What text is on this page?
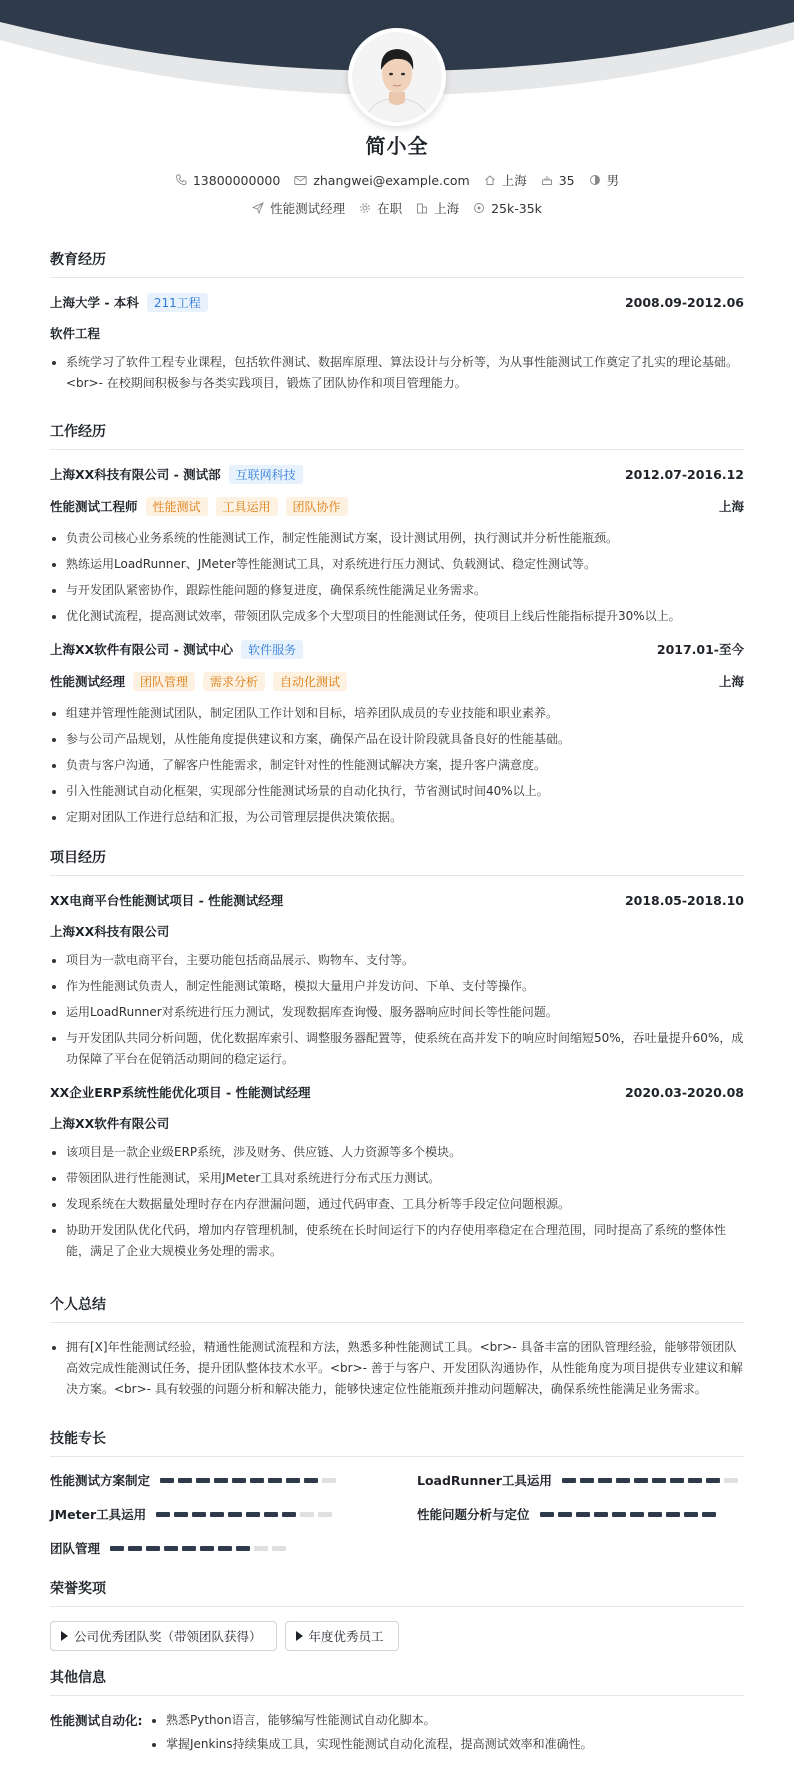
简小全
13800000000	zhangwei@example.com	上海	35	男
性能测试经理	在职	上海	25k-35k
教育经历
上海大学 - 本科	211工程	2008.09-2012.06
软件工程
系统学习了软件工程专业课程，包括软件测试、数据库原理、算法设计与分析等，为从事性能测试工作奠定了扎实的理论基础。<br>- 在校期间积极参与各类实践项目，锻炼了团队协作和项目管理能力。
工作经历
上海XX科技有限公司 - 测试部	互联网科技	2012.07-2016.12
性能测试工程师	性能测试	工具运用	团队协作	上海
负责公司核心业务系统的性能测试工作，制定性能测试方案，设计测试用例，执行测试并分析性能瓶颈。
熟练运用LoadRunner、JMeter等性能测试工具，对系统进行压力测试、负载测试、稳定性测试等。
与开发团队紧密协作，跟踪性能问题的修复进度，确保系统性能满足业务需求。
优化测试流程，提高测试效率，带领团队完成多个大型项目的性能测试任务，使项目上线后性能指标提升30%以上。
上海XX软件有限公司 - 测试中心	软件服务	2017.01-至今
性能测试经理	团队管理	需求分析	自动化测试	上海
组建并管理性能测试团队，制定团队工作计划和目标，培养团队成员的专业技能和职业素养。
参与公司产品规划，从性能角度提供建议和方案，确保产品在设计阶段就具备良好的性能基础。
负责与客户沟通，了解客户性能需求，制定针对性的性能测试解决方案，提升客户满意度。
引入性能测试自动化框架，实现部分性能测试场景的自动化执行，节省测试时间40%以上。
定期对团队工作进行总结和汇报，为公司管理层提供决策依据。
项目经历
XX电商平台性能测试项目 - 性能测试经理	2018.05-2018.10
上海XX科技有限公司
项目为一款电商平台，主要功能包括商品展示、购物车、支付等。
作为性能测试负责人，制定性能测试策略，模拟大量用户并发访问、下单、支付等操作。
运用LoadRunner对系统进行压力测试，发现数据库查询慢、服务器响应时间长等性能问题。
与开发团队共同分析问题，优化数据库索引、调整服务器配置等，使系统在高并发下的响应时间缩短50%，吞吐量提升60%，成功保障了平台在促销活动期间的稳定运行。
XX企业ERP系统性能优化项目 - 性能测试经理	2020.03-2020.08
上海XX软件有限公司
该项目是一款企业级ERP系统，涉及财务、供应链、人力资源等多个模块。
带领团队进行性能测试，采用JMeter工具对系统进行分布式压力测试。
发现系统在大数据量处理时存在内存泄漏问题，通过代码审查、工具分析等手段定位问题根源。
协助开发团队优化代码，增加内存管理机制，使系统在长时间运行下的内存使用率稳定在合理范围，同时提高了系统的整体性能，满足了企业大规模业务处理的需求。
个人总结
拥有[X]年性能测试经验，精通性能测试流程和方法，熟悉多种性能测试工具。<br>- 具备丰富的团队管理经验，能够带领团队高效完成性能测试任务，提升团队整体技术水平。<br>- 善于与客户、开发团队沟通协作，从性能角度为项目提供专业建议和解决方案。<br>- 具有较强的问题分析和解决能力，能够快速定位性能瓶颈并推动问题解决，确保系统性能满足业务需求。
技能专长
性能测试方案制定	LoadRunner工具运用
JMeter工具运用	性能问题分析与定位
团队管理
荣誉奖项
公司优秀团队奖（带领团队获得）	年度优秀员工
其他信息
性能测试自动化:	熟悉Python语言，能够编写性能测试自动化脚本。
掌握Jenkins持续集成工具，实现性能测试自动化流程，提高测试效率和准确性。
